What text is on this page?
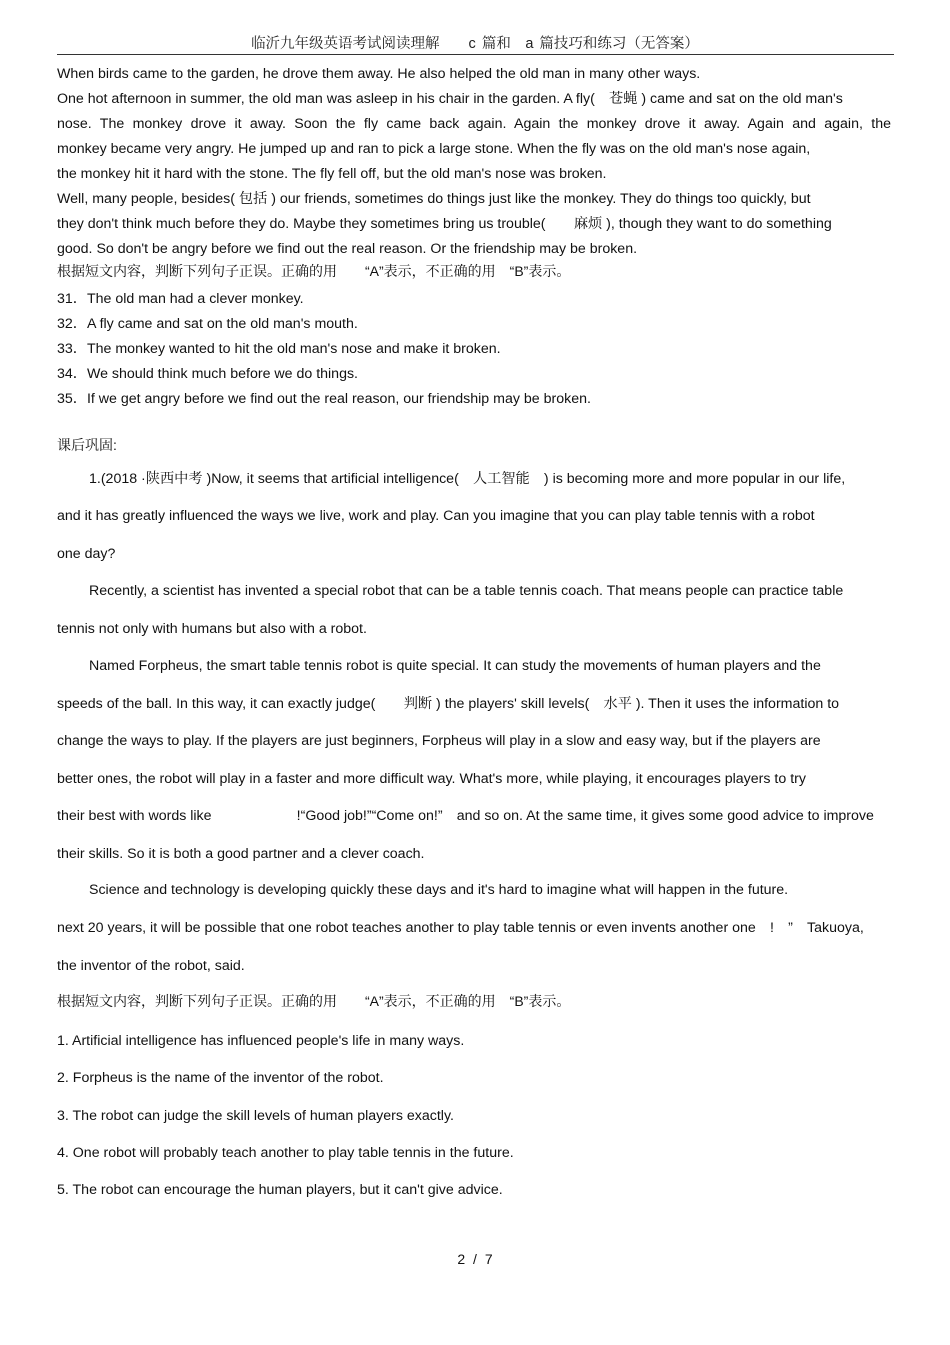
临沂九年级英语考试阅读理解　　c 篇和　a 篇技巧和练习（无答案）
When birds came to the garden, he drove them away. He also helped the old man in many other ways.
One hot afternoon in summer, the old man was asleep in his chair in the garden. A fly(　苍蝇 ) came and sat on the old man's
nose. The monkey drove it away. Soon the fly came back again. Again the monkey drove it away. Again and again, the
monkey became very angry. He jumped up and ran to pick a large stone. When the fly was on the old man's nose again,
the monkey hit it hard with the stone. The fly fell off, but the old man's nose was broken.
Well, many people, besides( 包括 ) our friends, sometimes do things just like the monkey. They do things too quickly, but
they don't think much before they do. Maybe they sometimes bring us trouble(　　麻烦 ), though they want to do something
good. So don't be angry before we find out the real reason. Or the friendship may be broken.
根据短文内容，判断下列句子正误。正确的用　　“A”表示，不正确的用　“B”表示。
31．The old man had a clever monkey.
32．A fly came and sat on the old man's mouth.
33．The monkey wanted to hit the old man's nose and make it broken.
34．We should think much before we do things.
35．If we get angry before we find out the real reason, our friendship may be broken.
课后巩固:
1.(2018 ·陕西中考 )Now, it seems that artificial intelligence(　人工智能　) is becoming more and more popular in our life,
and it has greatly influenced the ways we live, work and play. Can you imagine that you can play table tennis with a robot
one day?
Recently, a scientist has invented a special robot that can be a table tennis coach. That means people can practice table
tennis not only with humans but also with a robot.
Named Forpheus, the smart table tennis robot is quite special. It can study the movements of human players and the
speeds of the ball. In this way, it can exactly judge(　　判断 ) the players' skill levels(　水平 ). Then it uses the information to
change the ways to play. If the players are just beginners, Forpheus will play in a slow and easy way, but if the players are
better ones, the robot will play in a faster and more difficult way. What's more, while playing, it encourages players to try
their best with words like　　　　　　!“Good job!”“Come on!”　and so on. At the same time, it gives some good advice to improve
their skills. So it is both a good partner and a clever coach.
Science and technology is developing quickly these days and it's hard to imagine what will happen in the future.
next 20 years, it will be possible that one robot teaches another to play table tennis or even invents another one　!　”　Takuoya,
the inventor of the robot, said.
根据短文内容，判断下列句子正误。正确的用　　“A”表示，不正确的用　“B”表示。
1. Artificial intelligence has influenced people's life in many ways.
2. Forpheus is the name of the inventor of the robot.
3. The robot can judge the skill levels of human players exactly.
4. One robot will probably teach another to play table tennis in the future.
5. The robot can encourage the human players, but it can't give advice.
2 / 7
